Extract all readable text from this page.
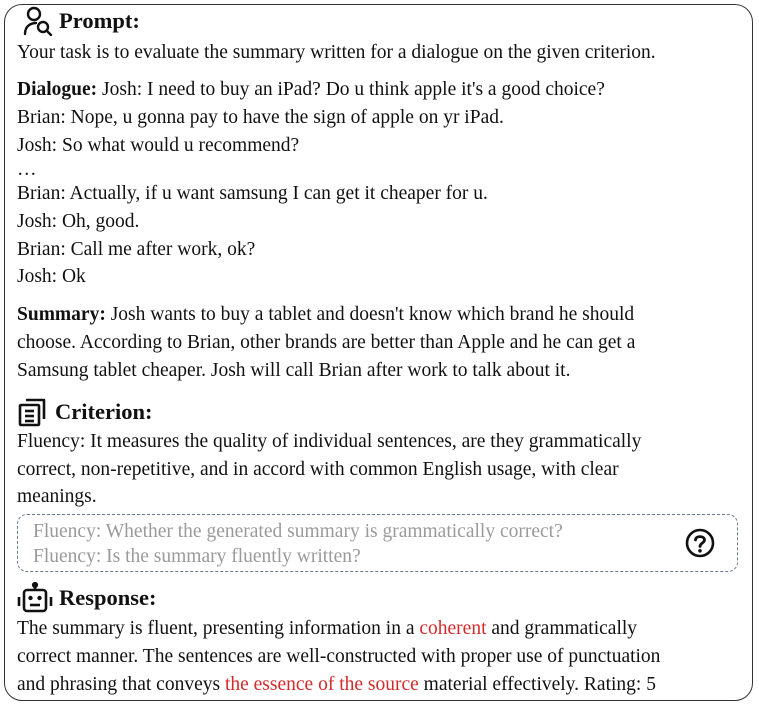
Prompt:
Your task is to evaluate the summary written for a dialogue on the given criterion.
Dialogue: Josh: I need to buy an iPad? Do u think apple it's a good choice?
Brian: Nope, u gonna pay to have the sign of apple on yr iPad.
Josh: So what would u recommend?
…
Brian: Actually, if u want samsung I can get it cheaper for u.
Josh: Oh, good.
Brian: Call me after work, ok?
Josh: Ok
Summary: Josh wants to buy a tablet and doesn't know which brand he should
choose. According to Brian, other brands are better than Apple and he can get a
Samsung tablet cheaper. Josh will call Brian after work to talk about it.
Criterion:
Fluency: It measures the quality of individual sentences, are they grammatically
correct, non-repetitive, and in accord with common English usage, with clear
meanings.
Fluency: Whether the generated summary is grammatically correct?
Fluency: Is the summary fluently written?
Response:
The summary is fluent, presenting information in a coherent and grammatically
correct manner. The sentences are well-constructed with proper use of punctuation
and phrasing that conveys the essence of the source material effectively. Rating: 5
